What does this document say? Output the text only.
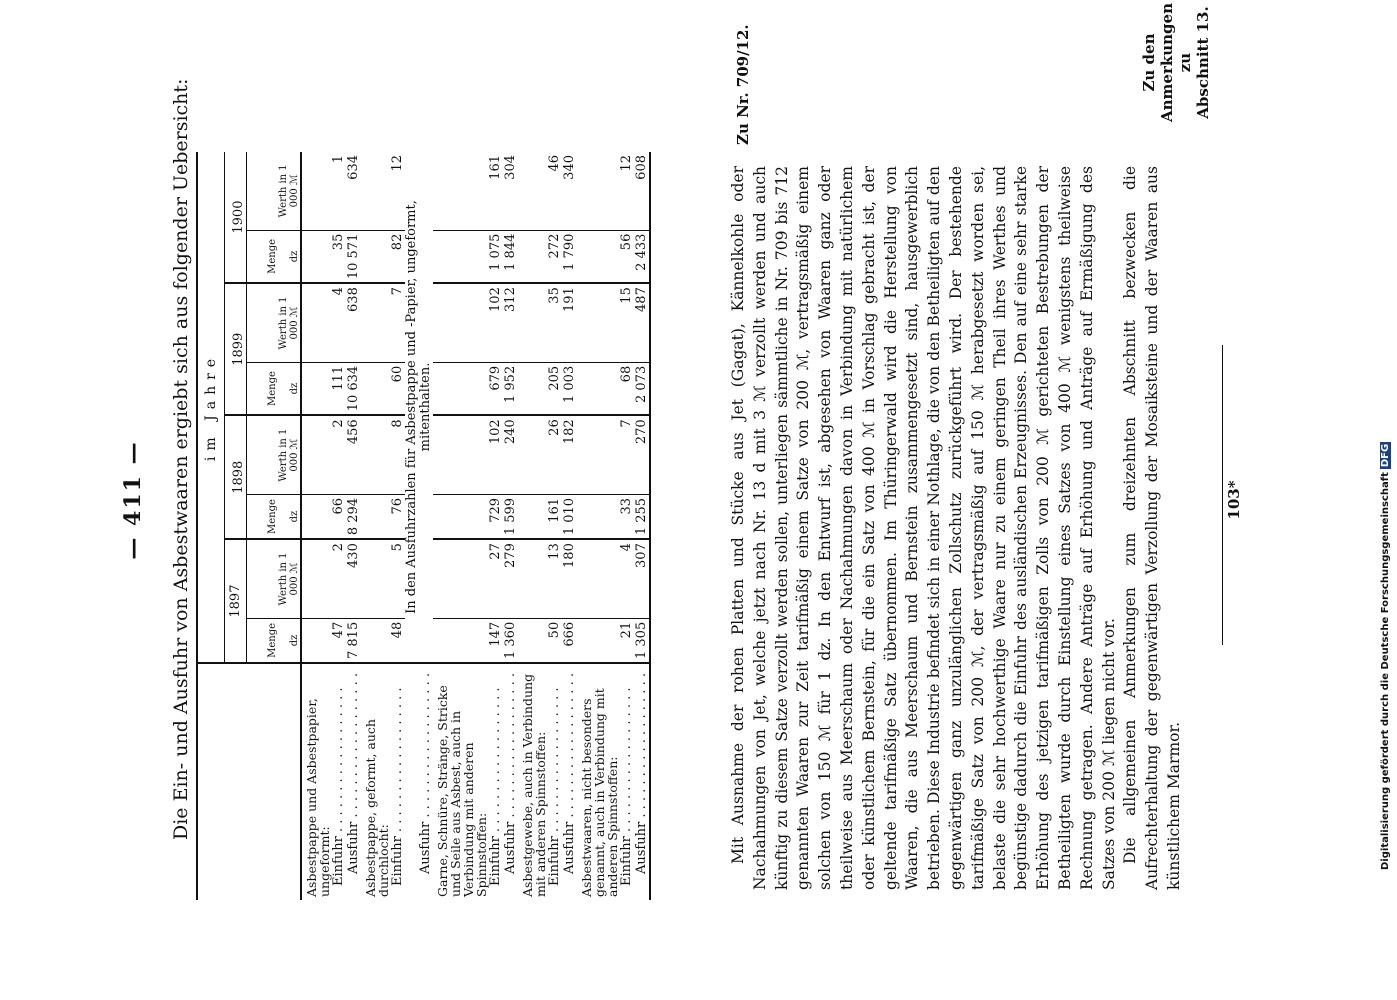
— 411 — Die Ein- und Ausfuhr von Asbestwaaren ergiebt sich aus folgender Uebersicht:
	im Jahre							
	1897		1898		1899		1900	
	Menge dz	Werth in 1 000 ℳ	Menge dz	Werth in 1 000 ℳ	Menge dz	Werth in 1 000 ℳ	Menge dz	Werth in 1 000 ℳ
Asbestpappe und Asbestpapier, ungeformt:								
Einfuhr . . .	47	2	66	2	111	4	35	1
Ausfuhr . . .	7 815	430	8 294	456	10 634	638	10 571	634
Asbestpappe, geformt, auch durchlocht:								
Einfuhr . . .	48	5	76	8	60	7	82	12
Ausfuhr . . .	In den Ausfuhrzahlen für Asbestpappe und -Papier, ungeformt, mitenthalten.							
Garne, Schnüre, Stränge, Stricke und Seile aus Asbest, auch in Verbindung mit anderen Spinnstoffen:								
Einfuhr . . .	147	27	729	102	679	102	1 075	161
Ausfuhr . . .	1 360	279	1 599	240	1 952	312	1 844	304
Asbestgewebe, auch in Verbindung mit anderen Spinnstoffen:								
Einfuhr . . .	50	13	161	26	205	35	272	46
Ausfuhr . . .	666	180	1 010	182	1 003	191	1 790	340
Asbestwaaren, nicht besonders genannt, auch in Verbindung mit anderen Spinnstoffen:								
Einfuhr . . .	21	4	33	7	68	15	56	12
Ausfuhr . . .	1 305	307	1 255	270	2 073	487	2 433	608	Mit Ausnahme der rohen Platten und Stücke aus Jet (Gagat), Kännelkohle oder Nachahmungen von Jet, welche jetzt nach Nr. 13 d mit 3 ℳ verzollt werden und auch künftig zu diesem Satze verzollt werden sollen, unterliegen sämmtliche in Nr. 709 bis 712 genannten Waaren zur Zeit tarifmäßig einem Satze von 200 ℳ, vertragsmäßig einem solchen von 150 ℳ für 1 dz. In den Entwurf ist, abgesehen von Waaren ganz oder theilweise aus Meerschaum oder Nachahmungen davon in Verbindung mit natürlichem oder künstlichem Bernstein, für die ein Satz von 400 ℳ in Vorschlag gebracht ist, der geltende tarifmäßige Satz übernommen. Im Thüringerwald wird die Herstellung von Waaren, die aus Meerschaum und Bernstein zusammengesetzt sind, hausgewerblich betrieben. Diese Industrie befindet sich in einer Nothlage, die von den Betheiligten auf den gegenwärtigen ganz unzulänglichen Zollschutz zurückgeführt wird. Der bestehende tarifmäßige Satz von 200 ℳ, der vertragsmäßig auf 150 ℳ herabgesetzt worden sei, belaste die sehr hochwerthige Waare nur zu einem geringen Theil ihres Werthes und begünstige dadurch die Einfuhr des ausländischen Erzeugnisses. Den auf eine sehr starke Erhöhung des jetzigen tarifmäßigen Zolls von 200 ℳ gerichteten Bestrebungen der Betheiligten wurde durch Einstellung eines Satzes von 400 ℳ wenigstens theilweise Rechnung getragen. Andere Anträge auf Erhöhung und Anträge auf Ermäßigung des Satzes von 200 ℳ liegen nicht vor. Die allgemeinen Anmerkungen zum dreizehnten Abschnitt bezwecken die Aufrechterhaltung der gegenwärtigen Verzollung der Mosaiksteine und der Waaren aus künstlichem Marmor.

Zu Nr. 709/12.	Zu den
Anmerkungen zu
Abschnitt 13.
103*	Digitalisierung gefördert durch die Deutsche ForschungsgemeinschaftDFG
